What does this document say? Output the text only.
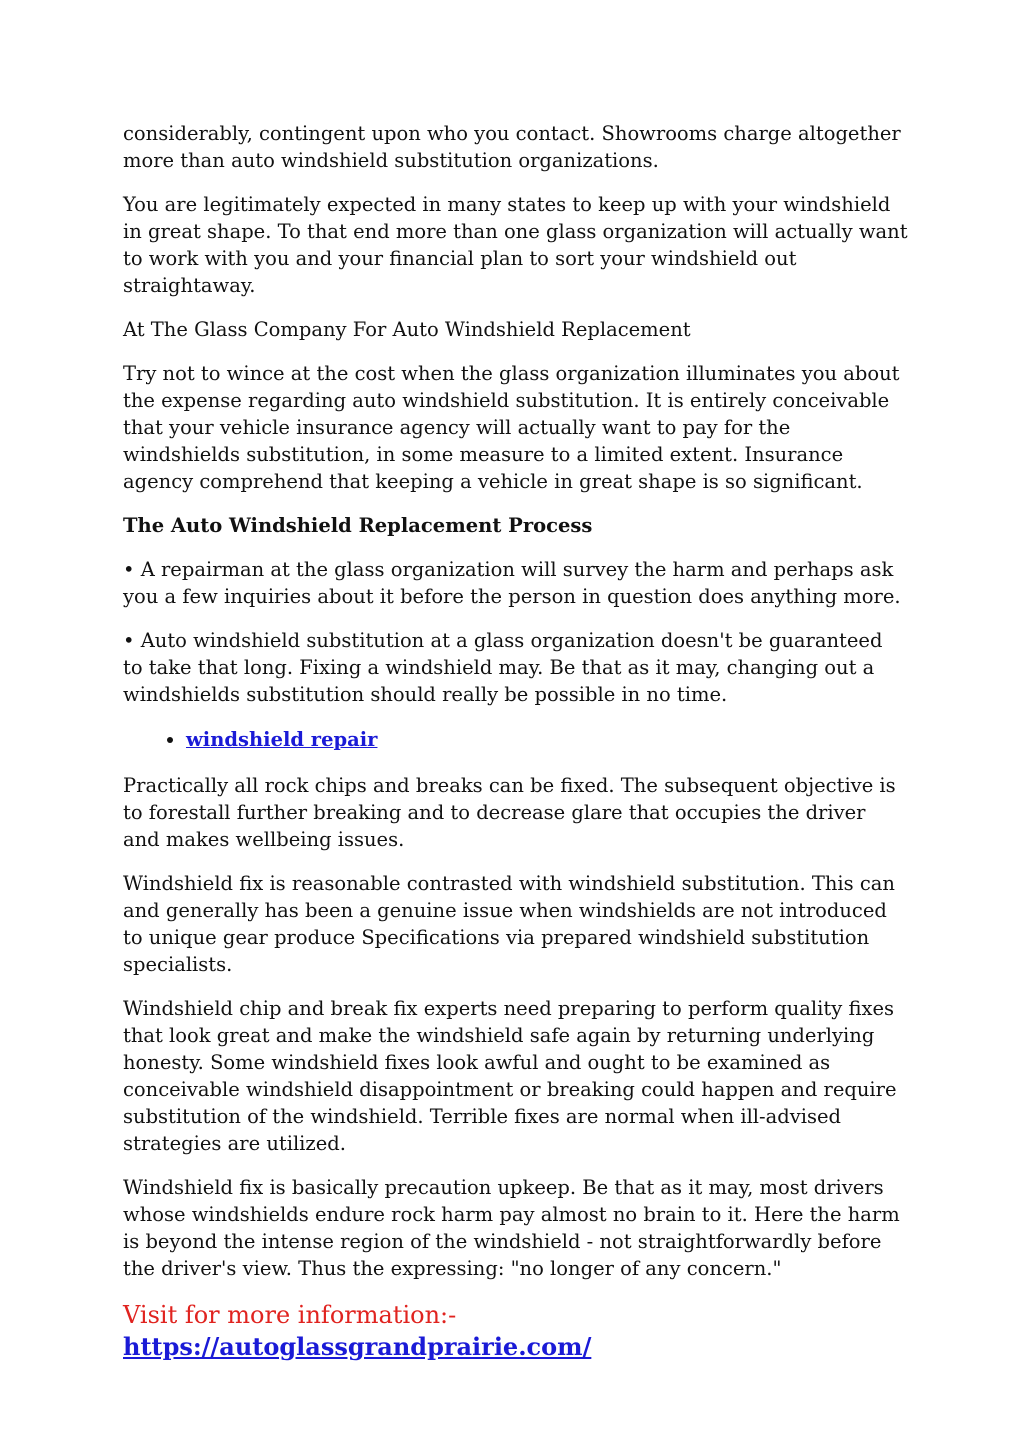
considerably, contingent upon who you contact. Showrooms charge altogether more than auto windshield substitution organizations.

You are legitimately expected in many states to keep up with your windshield in great shape. To that end more than one glass organization will actually want to work with you and your financial plan to sort your windshield out straightaway.

At The Glass Company For Auto Windshield Replacement

Try not to wince at the cost when the glass organization illuminates you about the expense regarding auto windshield substitution. It is entirely conceivable that your vehicle insurance agency will actually want to pay for the windshields substitution, in some measure to a limited extent. Insurance agency comprehend that keeping a vehicle in great shape is so significant.

The Auto Windshield Replacement Process

• A repairman at the glass organization will survey the harm and perhaps ask you a few inquiries about it before the person in question does anything more.

• Auto windshield substitution at a glass organization doesn't be guaranteed to take that long. Fixing a windshield may. Be that as it may, changing out a windshields substitution should really be possible in no time.

• windshield repair

Practically all rock chips and breaks can be fixed. The subsequent objective is to forestall further breaking and to decrease glare that occupies the driver and makes wellbeing issues.

Windshield fix is reasonable contrasted with windshield substitution. This can and generally has been a genuine issue when windshields are not introduced to unique gear produce Specifications via prepared windshield substitution specialists.

Windshield chip and break fix experts need preparing to perform quality fixes that look great and make the windshield safe again by returning underlying honesty. Some windshield fixes look awful and ought to be examined as conceivable windshield disappointment or breaking could happen and require substitution of the windshield. Terrible fixes are normal when ill-advised strategies are utilized.

Windshield fix is basically precaution upkeep. Be that as it may, most drivers whose windshields endure rock harm pay almost no brain to it. Here the harm is beyond the intense region of the windshield - not straightforwardly before the driver's view. Thus the expressing: "no longer of any concern."

Visit for more information:- https://autoglassgrandprairie.com/
